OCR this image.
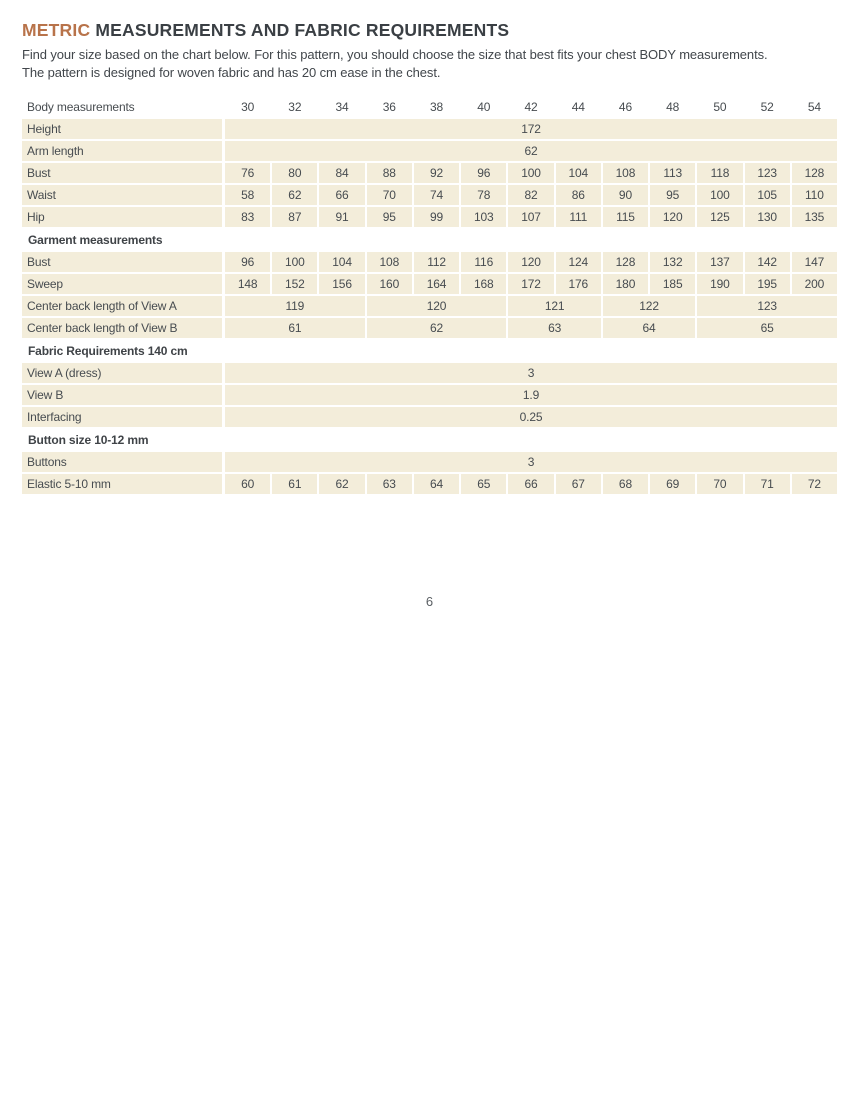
METRIC MEASUREMENTS AND FABRIC REQUIREMENTS
Find your size based on the chart below. For this pattern, you should choose the size that best fits your chest BODY measurements.
The pattern is designed for woven fabric and has 20 cm ease in the chest.
Body measurements	30	32	34	36	38	40	42	44	46	48	50	52	54
Height	172
Arm length	62
Bust	76	80	84	88	92	96	100	104	108	113	118	123	128
Waist	58	62	66	70	74	78	82	86	90	95	100	105	110
Hip	83	87	91	95	99	103	107	111	115	120	125	130	135
Garment measurements
Bust	96	100	104	108	112	116	120	124	128	132	137	142	147
Sweep	148	152	156	160	164	168	172	176	180	185	190	195	200
Center back length of View A	119	120	121	122	123
Center back length of View B	61	62	63	64	65
Fabric Requirements 140 cm
View A (dress)	3
View B	1.9
Interfacing	0.25
Button size 10-12 mm
Buttons	3
Elastic 5-10 mm	60	61	62	63	64	65	66	67	68	69	70	71	72
6
